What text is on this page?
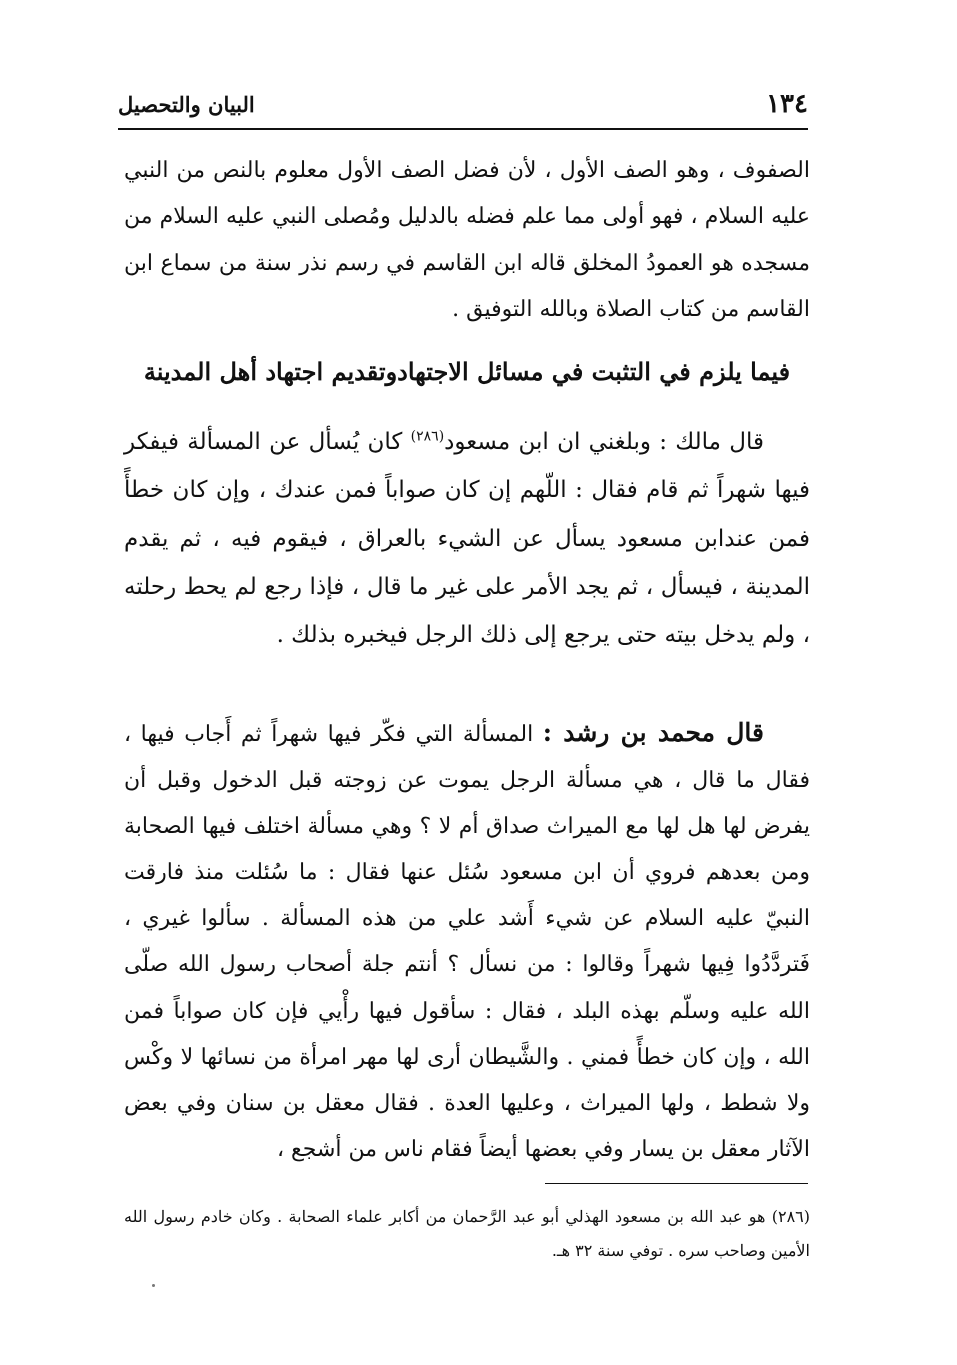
١٣٤
البيان والتحصيل

الصفوف ، وهو الصف الأول ، لأن فضل الصف الأول معلوم بالنص من النبي عليه السلام ، فهو أولى مما علم فضله بالدليل ومُصلى النبي عليه السلام من مسجده هو العمودُ المخلق قاله ابن القاسم في رسم نذر سنة من سماع ابن القاسم من كتاب الصلاة وبالله التوفيق .

فيما يلزم في التثبت في مسائل الاجتهادوتقديم اجتهاد أهل المدينة

قال مالك : وبلغني ان ابن مسعود$^{(٢٨٦)}$ كان يُسأل عن المسألة فيفكر فيها شهراً ثم قام فقال : اللّهم إن كان صواباً فمن عندك ، وإن كان خطأً فمن عندابن مسعود يسأل عن الشيء بالعراق ، فيقوم فيه ، ثم يقدم المدينة ، فيسأل ، ثم يجد الأمر على غير ما قال ، فإذا رجع لم يحط رحلته ، ولم يدخل بيته حتى يرجع إلى ذلك الرجل فيخبره بذلك .

قال محمد بن رشد : المسألة التي فكّر فيها شهراً ثم أَجاب فيها ، فقال ما قال ، هي مسألة الرجل يموت عن زوجته قبل الدخول وقبل أن يفرض لها هل لها مع الميراث صداق أم لا ؟ وهي مسألة اختلف فيها الصحابة ومن بعدهم فروي أن ابن مسعود سُئل عنها فقال : ما سُئلت منذ فارقت النبيّ عليه السلام عن شيء أَشد علي من هذه المسألة . سألوا غيري ، فَتردَّدُوا فِيها شهراً وقالوا : من نسأل ؟ أنتم جلة أصحاب رسول الله صلّى الله عليه وسلّم بهذه البلد ، فقال : سأقول فيها رأْيي فإن كان صواباً فمن الله ، وإن كان خطأً فمني . والشَّيطان أرى لها مهر امرأة من نسائها لا وكْس ولا شطط ، ولها الميراث ، وعليها العدة . فقال معقل بن سنان وفي بعض الآثار معقل بن يسار وفي بعضها أيضاً فقام ناس من أشجع ،

(٢٨٦) هو عبد الله بن مسعود الهذلي أبو عبد الرَّحمان من أكابر علماء الصحابة . وكان خادم رسول الله الأمين وصاحب سره . توفي سنة ٣٢ هـ.
